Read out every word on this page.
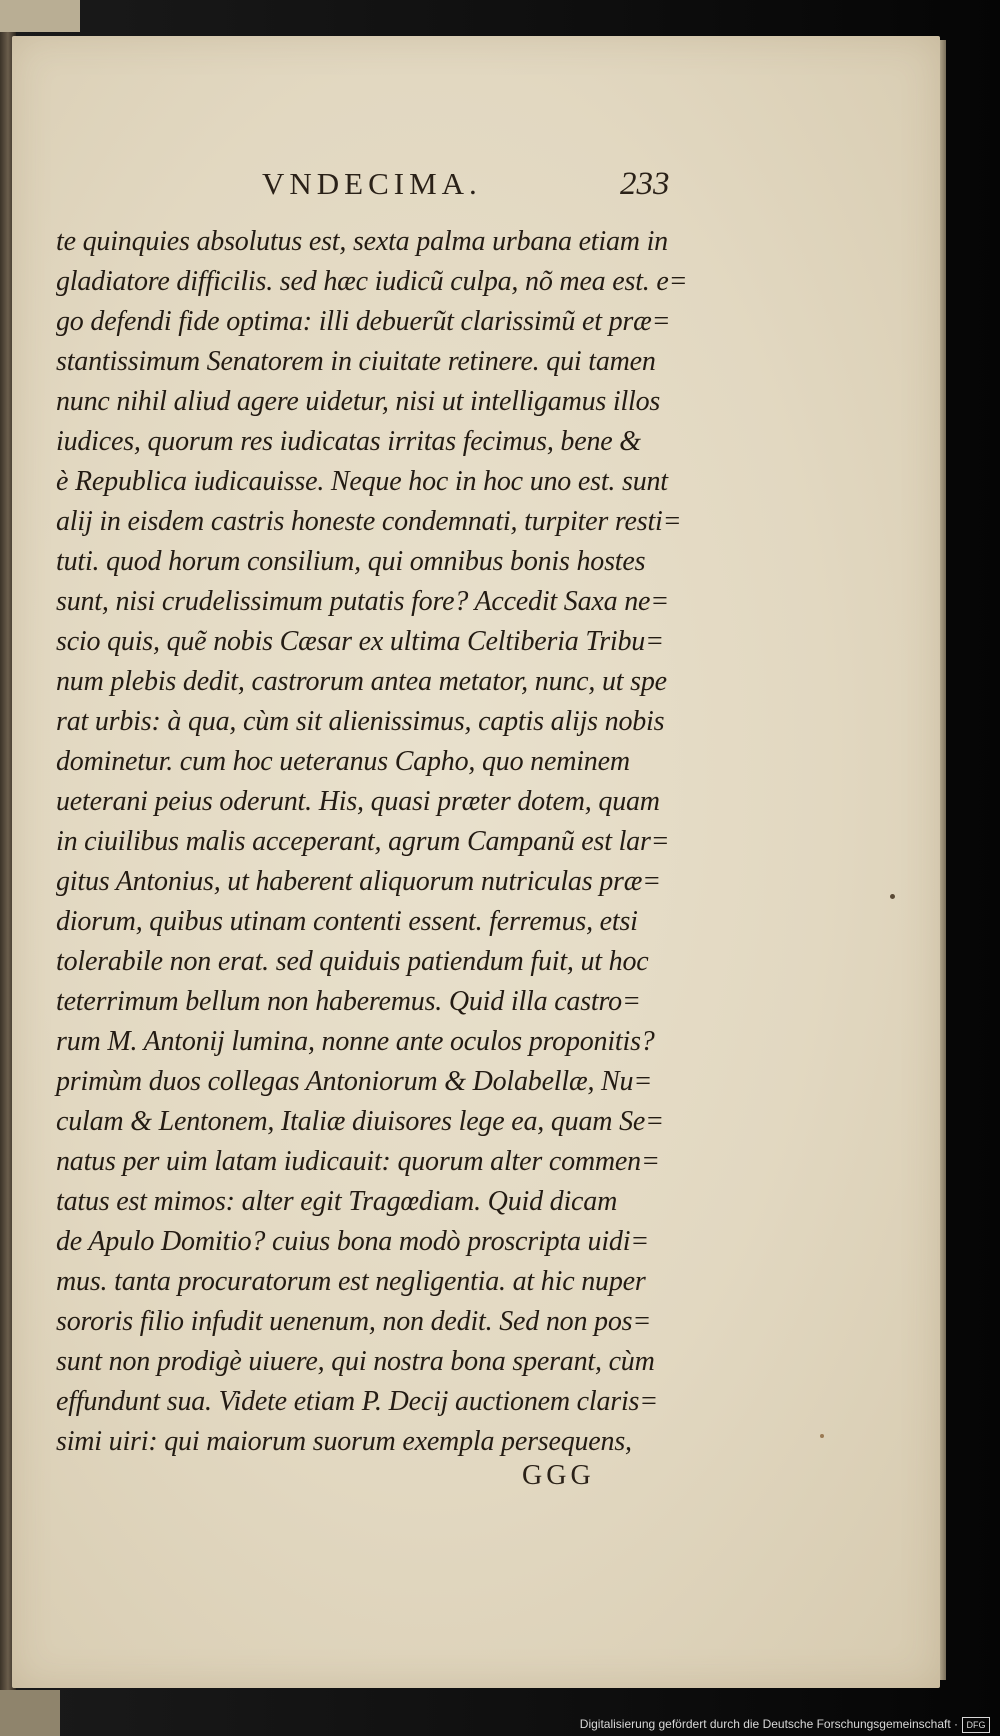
VNDECIMA.	233
te quinquies absolutus est, sexta palma urbana etiam in
gladiatore difficilis. sed hæc iudicũ culpa, nõ mea est. e=
go defendi fide optima: illi debuerũt clarissimũ et præ=
stantissimum Senatorem in ciuitate retinere. qui tamen
nunc nihil aliud agere uidetur, nisi ut intelligamus illos
iudices, quorum res iudicatas irritas fecimus, bene &
è Republica iudicauisse. Neque hoc in hoc uno est. sunt
alij in eisdem castris honeste condemnati, turpiter resti=
tuti. quod horum consilium, qui omnibus bonis hostes
sunt, nisi crudelissimum putatis fore? Accedit Saxa ne=
scio quis, quẽ nobis Cæsar ex ultima Celtiberia Tribu=
num plebis dedit, castrorum antea metator, nunc, ut spe
rat urbis: à qua, cùm sit alienissimus, captis alijs nobis
dominetur. cum hoc ueteranus Capho, quo neminem
ueterani peius oderunt. His, quasi præter dotem, quam
in ciuilibus malis acceperant, agrum Campanũ est lar=
gitus Antonius, ut haberent aliquorum nutriculas præ=
diorum, quibus utinam contenti essent. ferremus, etsi
tolerabile non erat. sed quiduis patiendum fuit, ut hoc
teterrimum bellum non haberemus. Quid illa castro=
rum M. Antonij lumina, nonne ante oculos proponitis?
primùm duos collegas Antoniorum & Dolabellæ, Nu=
culam & Lentonem, Italiæ diuisores lege ea, quam Se=
natus per uim latam iudicauit: quorum alter commen=
tatus est mimos: alter egit Tragœdiam. Quid dicam
de Apulo Domitio? cuius bona modò proscripta uidi=
mus. tanta procuratorum est negligentia. at hic nuper
sororis filio infudit uenenum, non dedit. Sed non pos=
sunt non prodigè uiuere, qui nostra bona sperant, cùm
effundunt sua. Videte etiam P. Decij auctionem claris=
simi uiri: qui maiorum suorum exempla persequens,
GGG
Digitalisierung gefördert durch die Deutsche Forschungsgemeinschaft · DFG
